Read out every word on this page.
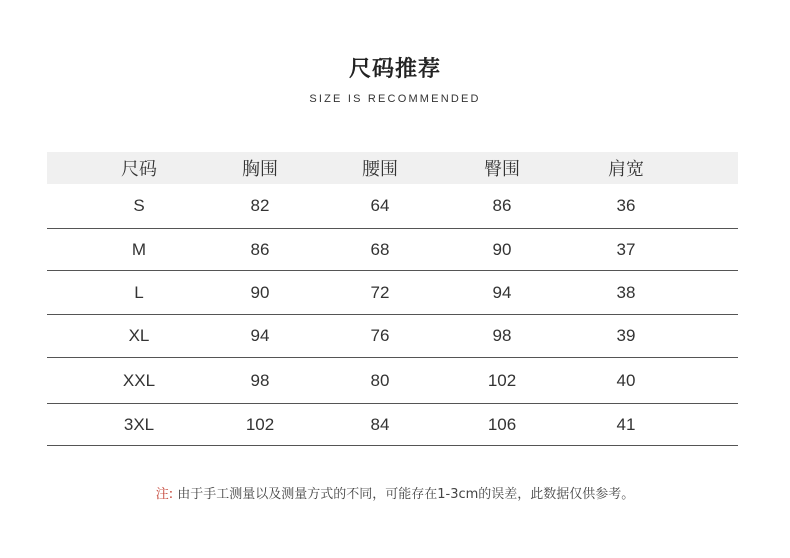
尺码推荐
SIZE IS RECOMMENDED
尺码	胸围	腰围	臀围	肩宽
S	82	64	86	36
M	86	68	90	37
L	90	72	94	38
XL	94	76	98	39
XXL	98	80	102	40
3XL	102	84	106	41
注: 由于手工测量以及测量方式的不同，可能存在1-3cm的误差，此数据仅供参考。
